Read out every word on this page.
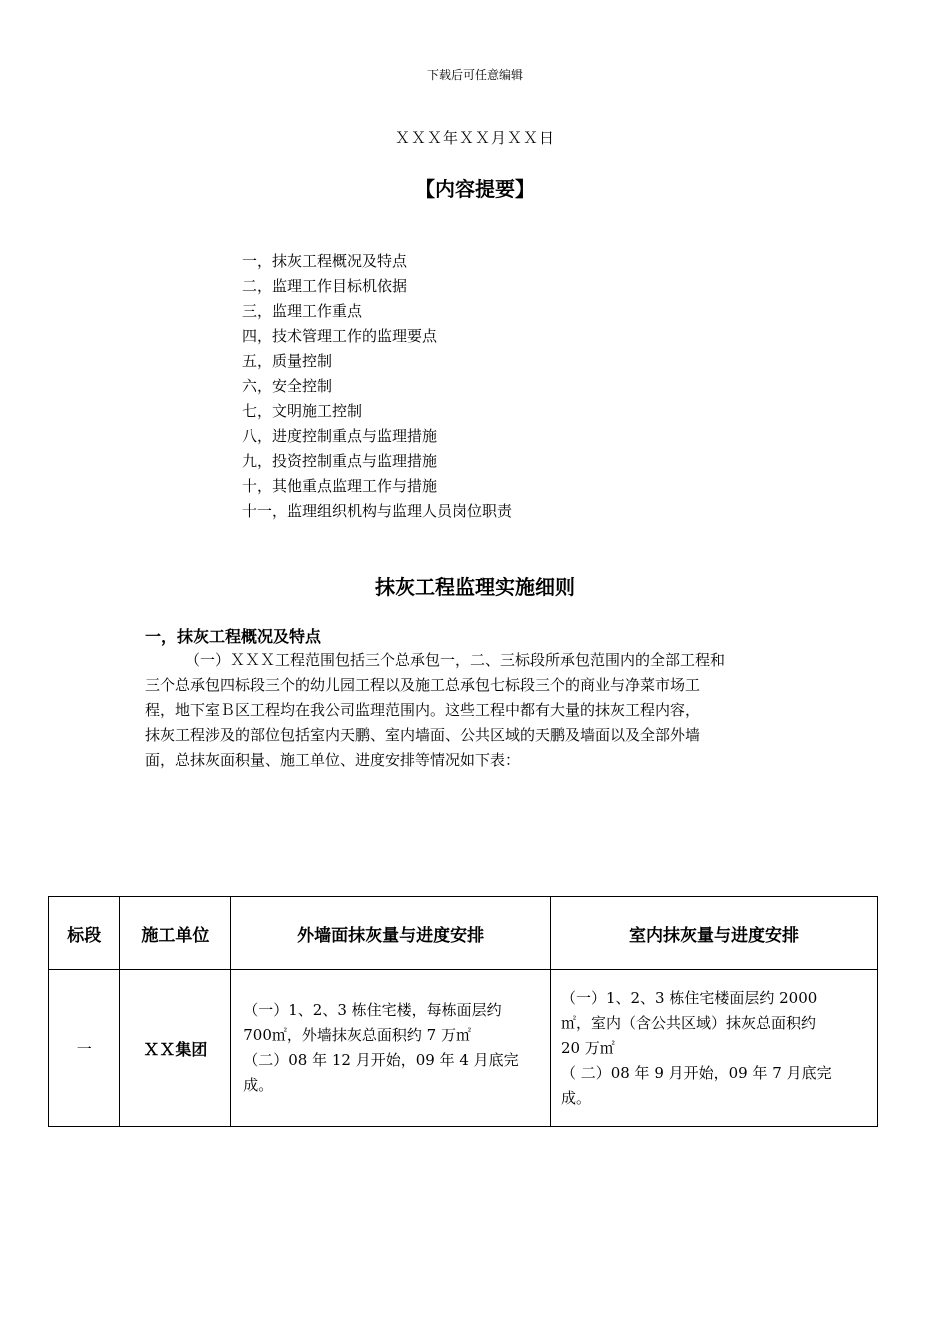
下载后可任意编辑
ＸＸＸ年ＸＸ月ＸＸ日
【内容提要】
一，抹灰工程概况及特点
二，监理工作目标机依据
三，监理工作重点
四，技术管理工作的监理要点
五，质量控制
六，安全控制
七，文明施工控制
八，进度控制重点与监理措施
九，投资控制重点与监理措施
十，其他重点监理工作与措施
十一，监理组织机构与监理人员岗位职责
抹灰工程监理实施细则
一，抹灰工程概况及特点

（一）ＸＸＸ工程范围包括三个总承包一，二、三标段所承包范围内的全部工程和
三个总承包四标段三个的幼儿园工程以及施工总承包七标段三个的商业与净菜市场工
程，地下室Ｂ区工程均在我公司监理范围内。这些工程中都有大量的抹灰工程内容，
抹灰工程涉及的部位包括室内天鹏、室内墙面、公共区域的天鹏及墙面以及全部外墙
面，总抹灰面积量、施工单位、进度安排等情况如下表：

标段	施工单位	外墙面抹灰量与进度安排	室内抹灰量与进度安排
一	ＸＸ集团	（一）1、2、3 栋住宅楼，每栋面层约
700㎡，外墙抹灰总面积约 7 万㎡
（二）08 年 12 月开始，09 年 4 月底完
成。	（一）1、2、3 栋住宅楼面层约 2000
㎡，室内（含公共区域）抹灰总面积约
20 万㎡
（ 二）08 年 9 月开始，09 年 7 月底完
成。
